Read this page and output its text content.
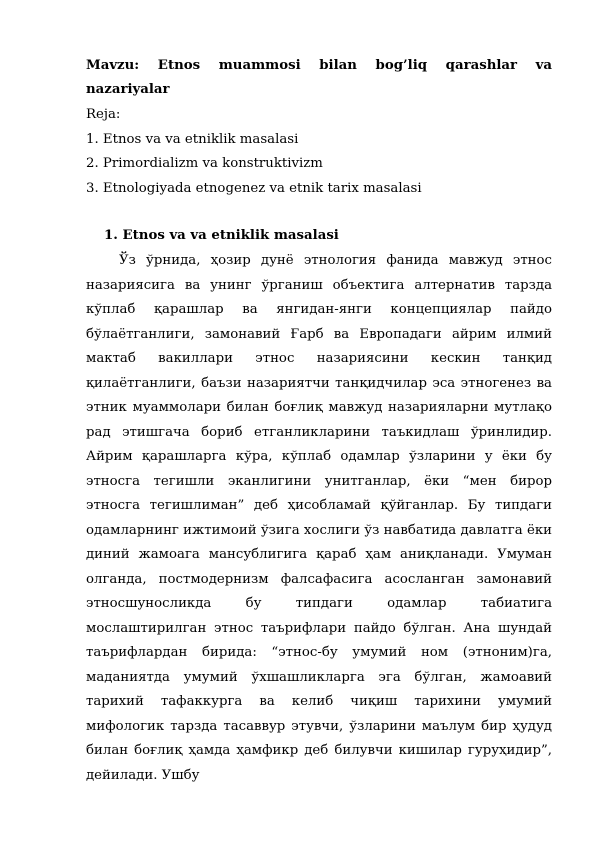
Mavzu: Etnos muammosi bilan bog’liq qarashlar va
nazariyalar
Reja:
1. Etnos va va etniklik masalasi
2. Primordializm va konstruktivizm
3. Etnologiyada etnogenez va etnik tarix masalasi
1. Etnos va va etniklik masalasi

Ўз ўрнида, ҳозир дунё этнология фанида мавжуд этнос назариясига ва унинг ўрганиш объектига алтернатив тарзда кўплаб қарашлар ва янгидан-янги концепциялар пайдо бўлаётганлиги, замонавий Ғарб ва Европадаги айрим илмий мактаб вакиллари этнос назариясини кескин танқид қилаётганлиги, баъзи назариятчи танқидчилар эса этногенез ва этник муаммолари билан боғлиқ мавжуд назарияларни мутлақо рад этишгача бориб етганликларини таъкидлаш ўринлидир. Айрим қарашларга кўра, кўплаб одамлар ўзларини у ёки бу этносга тегишли эканлигини унитганлар, ёки “мен бирор этносга тегишлиман” деб ҳисобламай қўйганлар. Бу типдаги одамларнинг ижтимоий ўзига хослиги ўз навбатида давлатга ёки диний жамоага мансублигига қараб ҳам аниқланади. Умуман олганда, постмодернизм фалсафасига асосланган замонавий этносшуносликда бу типдаги одамлар табиатига мослаштирилган этнос таърифлари пайдо бўлган. Ана шундай таърифлардан бирида: “этнос-бу умумий ном (этноним)га, маданиятда умумий ўхшашликларга эга бўлган, жамоавий тарихий тафаккурга ва келиб чиқиш тарихини умумий мифологик тарзда тасаввур этувчи, ўзларини маълум бир ҳудуд билан боғлиқ ҳамда ҳамфикр деб билувчи кишилар гуруҳидир”, дейилади. Ушбу
